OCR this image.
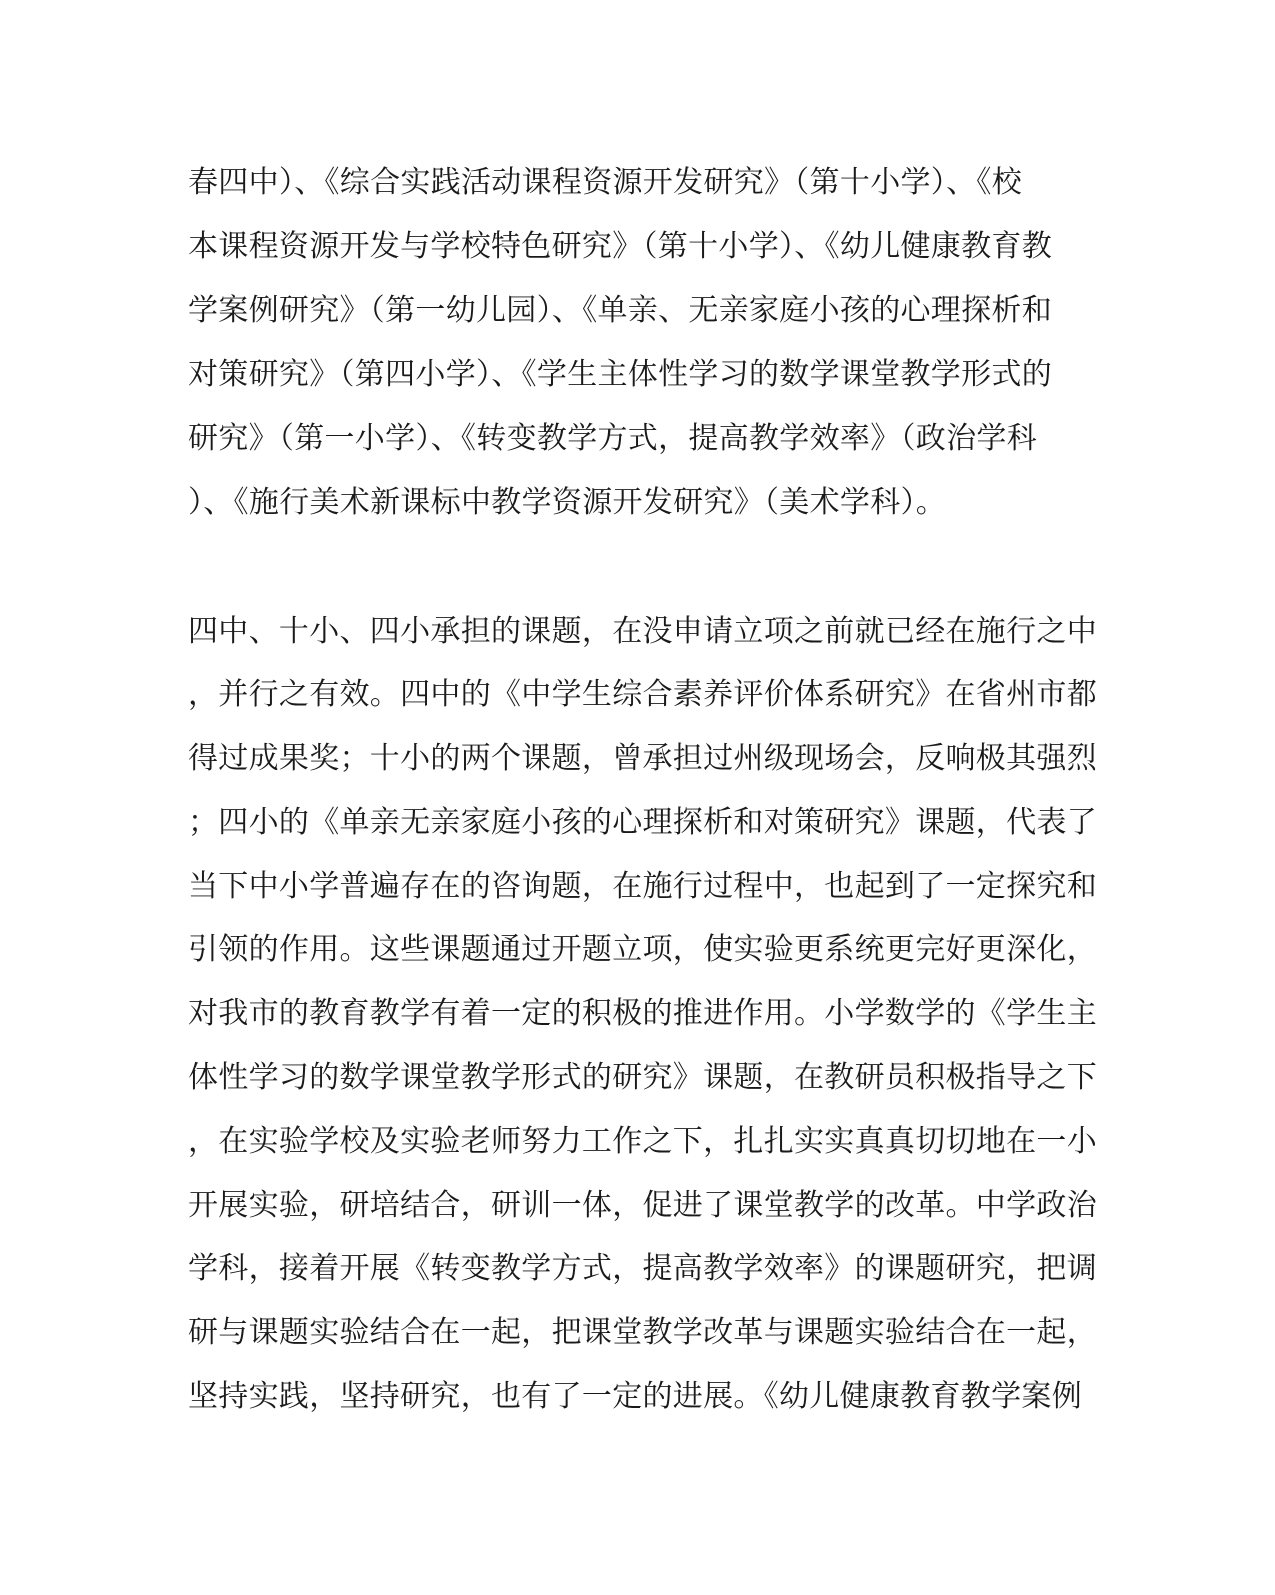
春四中）、《综合实践活动课程资源开发研究》（第十小学）、《校
本课程资源开发与学校特色研究》（第十小学）、《幼儿健康教育教
学案例研究》（第一幼儿园）、《单亲、无亲家庭小孩的心理探析和
对策研究》（第四小学）、《学生主体性学习的数学课堂教学形式的
研究》（第一小学）、《转变教学方式，提高教学效率》（政治学科
）、《施行美术新课标中教学资源开发研究》（美术学科）。
四中、十小、四小承担的课题，在没申请立项之前就已经在施行之中
，并行之有效。四中的《中学生综合素养评价体系研究》在省州市都
得过成果奖；十小的两个课题，曾承担过州级现场会，反响极其强烈
；四小的《单亲无亲家庭小孩的心理探析和对策研究》课题，代表了
当下中小学普遍存在的咨询题，在施行过程中，也起到了一定探究和
引领的作用。这些课题通过开题立项，使实验更系统更完好更深化，
对我市的教育教学有着一定的积极的推进作用。小学数学的《学生主
体性学习的数学课堂教学形式的研究》课题，在教研员积极指导之下
，在实验学校及实验老师努力工作之下，扎扎实实真真切切地在一小
开展实验，研培结合，研训一体，促进了课堂教学的改革。中学政治
学科，接着开展《转变教学方式，提高教学效率》的课题研究，把调
研与课题实验结合在一起，把课堂教学改革与课题实验结合在一起，
坚持实践，坚持研究，也有了一定的进展。《幼儿健康教育教学案例
